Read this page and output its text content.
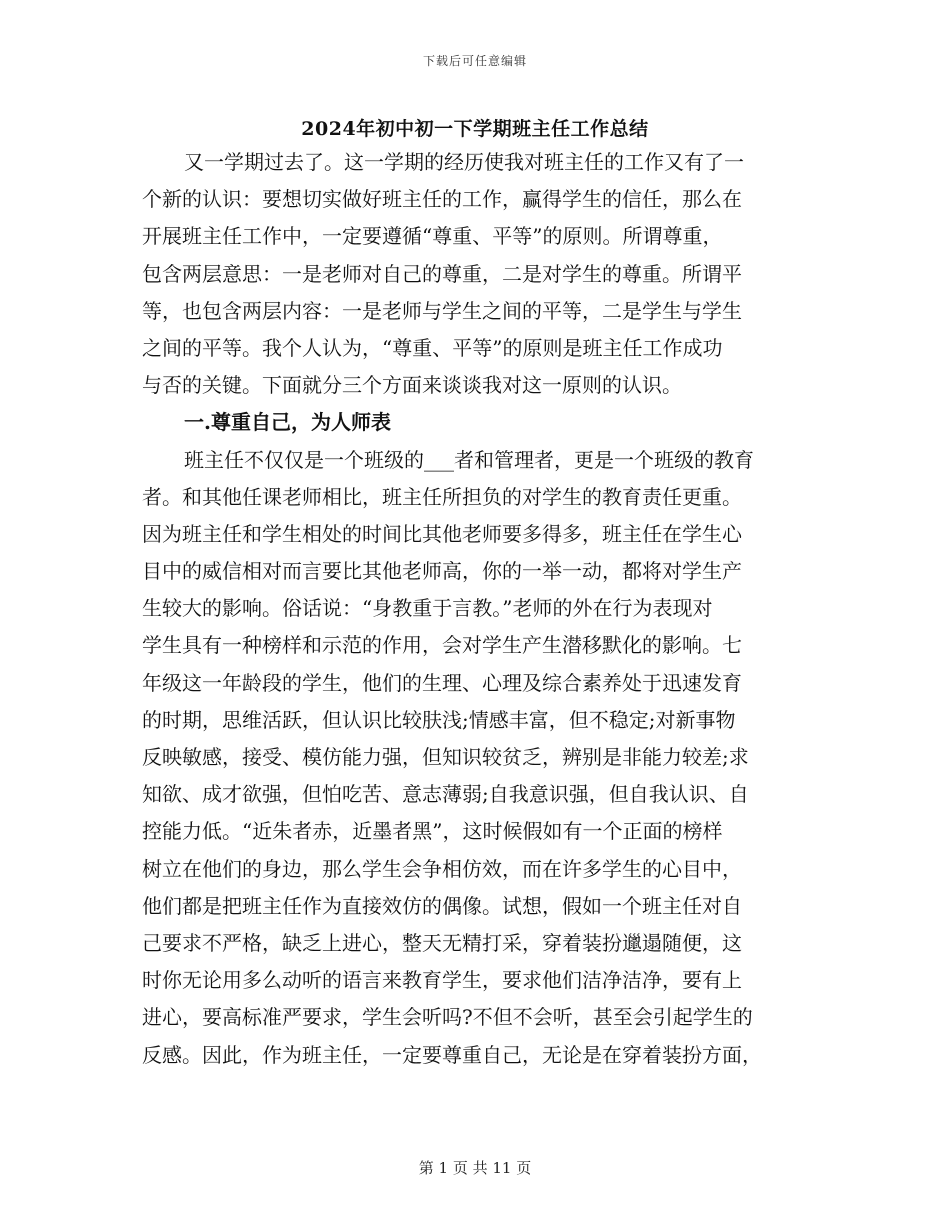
下载后可任意编辑
2024年初中初一下学期班主任工作总结
又一学期过去了。这一学期的经历使我对班主任的工作又有了一
个新的认识：要想切实做好班主任的工作，赢得学生的信任，那么在
开展班主任工作中，一定要遵循“尊重、平等”的原则。所谓尊重，
包含两层意思：一是老师对自己的尊重，二是对学生的尊重。所谓平
等，也包含两层内容：一是老师与学生之间的平等，二是学生与学生
之间的平等。我个人认为，“尊重、平等”的原则是班主任工作成功
与否的关键。下面就分三个方面来谈谈我对这一原则的认识。
一.尊重自己，为人师表
班主任不仅仅是一个班级的___者和管理者，更是一个班级的教育
者。和其他任课老师相比，班主任所担负的对学生的教育责任更重。
因为班主任和学生相处的时间比其他老师要多得多，班主任在学生心
目中的威信相对而言要比其他老师高，你的一举一动，都将对学生产
生较大的影响。俗话说：“身教重于言教。”老师的外在行为表现对
学生具有一种榜样和示范的作用，会对学生产生潜移默化的影响。七
年级这一年龄段的学生，他们的生理、心理及综合素养处于迅速发育
的时期，思维活跃，但认识比较肤浅;情感丰富，但不稳定;对新事物
反映敏感，接受、模仿能力强，但知识较贫乏，辨别是非能力较差;求
知欲、成才欲强，但怕吃苦、意志薄弱;自我意识强，但自我认识、自
控能力低。“近朱者赤，近墨者黑”，这时候假如有一个正面的榜样
树立在他们的身边，那么学生会争相仿效，而在许多学生的心目中，
他们都是把班主任作为直接效仿的偶像。试想，假如一个班主任对自
己要求不严格，缺乏上进心，整天无精打采，穿着装扮邋遢随便，这
时你无论用多么动听的语言来教育学生，要求他们洁净洁净，要有上
进心，要高标准严要求，学生会听吗?不但不会听，甚至会引起学生的
反感。因此，作为班主任，一定要尊重自己，无论是在穿着装扮方面，
第 1 页 共 11 页
